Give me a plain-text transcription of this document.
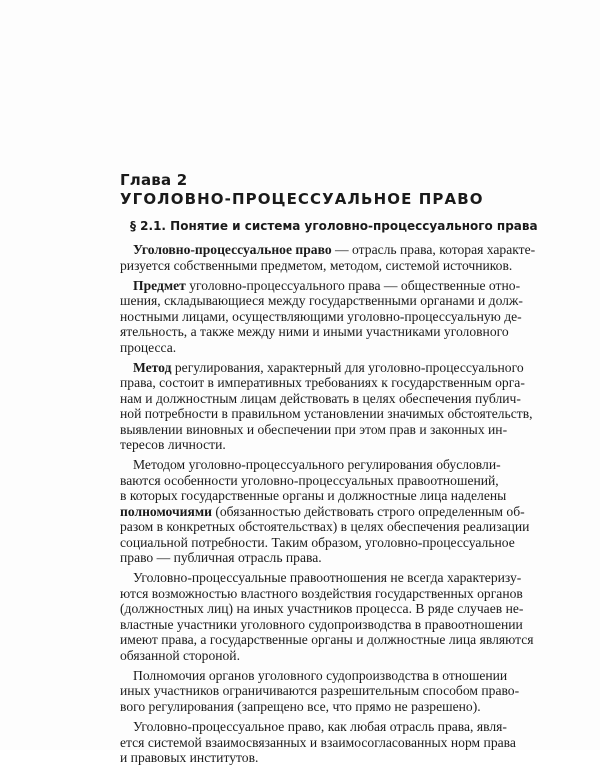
Глава 2
УГОЛОВНО-ПРОЦЕССУАЛЬНОЕ ПРАВО
§ 2.1. Понятие и система уголовно-процессуального права
Уголовно-процессуальное право — отрасль права, которая характе-
ризуется собственными предметом, методом, системой источников.
Предмет уголовно-процессуального права — общественные отно-
шения, складывающиеся между государственными органами и долж-
ностными лицами, осуществляющими уголовно-процессуальную де-
ятельность, а также между ними и иными участниками уголовного
процесса.
Метод регулирования, характерный для уголовно-процессуального
права, состоит в императивных требованиях к государственным орга-
нам и должностным лицам действовать в целях обеспечения публич-
ной потребности в правильном установлении значимых обстоятельств,
выявлении виновных и обеспечении при этом прав и законных ин-
тересов личности.
Методом уголовно-процессуального регулирования обусловли-
ваются особенности уголовно-процессуальных правоотношений,
в которых государственные органы и должностные лица наделены
полномочиями (обязанностью действовать строго определенным об-
разом в конкретных обстоятельствах) в целях обеспечения реализации
социальной потребности. Таким образом, уголовно-процессуальное
право — публичная отрасль права.
Уголовно-процессуальные правоотношения не всегда характеризу-
ются возможностью властного воздействия государственных органов
(должностных лиц) на иных участников процесса. В ряде случаев не-
властные участники уголовного судопроизводства в правоотношении
имеют права, а государственные органы и должностные лица являются
обязанной стороной.
Полномочия органов уголовного судопроизводства в отношении
иных участников ограничиваются разрешительным способом право-
вого регулирования (запрещено все, что прямо не разрешено).
Уголовно-процессуальное право, как любая отрасль права, явля-
ется системой взаимосвязанных и взаимосогласованных норм права
и правовых институтов.
